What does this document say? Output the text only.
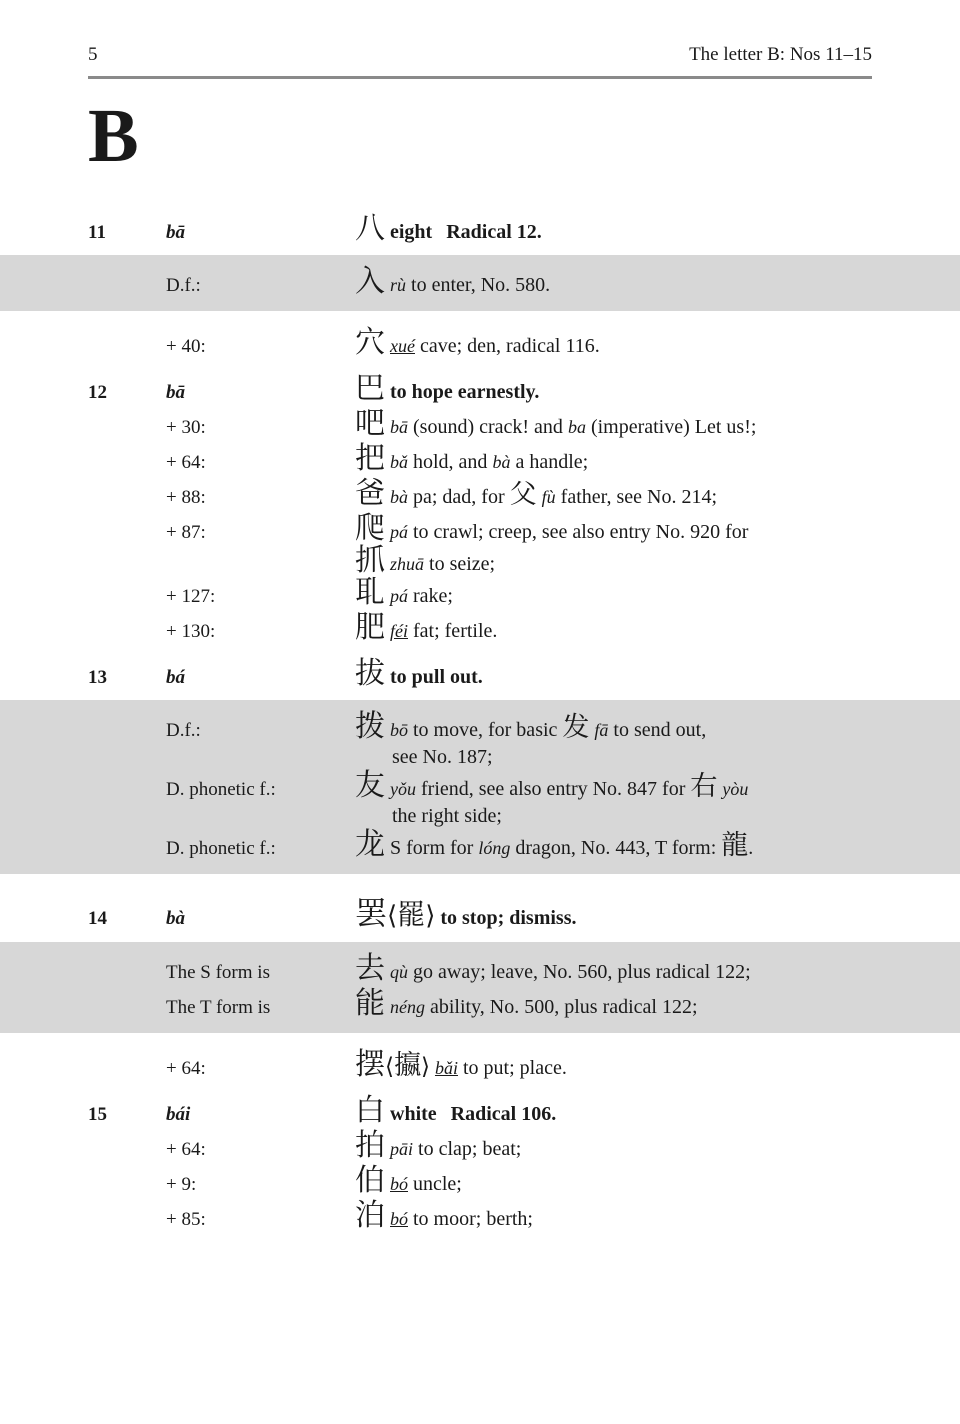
5	The letter B: Nos 11–15
B
11	bā	八 eight Radical 12.
D.f.:	入 rù to enter, No. 580.
+ 40:	穴 xué cave; den, radical 116.
12	bā	巴 to hope earnestly.
+ 30:	吧 bā (sound) crack! and ba (imperative) Let us!;
+ 64:	把 bǎ hold, and bà a handle;
+ 88:	爸 bà pa; dad, for 父 fù father, see No. 214;
+ 87:	爬 pá to crawl; creep, see also entry No. 920 for
抓 zhuā to seize;
+ 127:	耴 pá rake;
+ 130:	肥 féi fat; fertile.
13	bá	拔 to pull out.
D.f.:	拨 bō to move, for basic 发 fā to send out,
see No. 187;
D. phonetic f.:	友 yǒu friend, see also entry No. 847 for 右 yòu
the right side;
D. phonetic f.:	龙 S form for lóng dragon, No. 443, T form: 龍.
14	bà	罢⟨罷⟩ to stop; dismiss.
The S form is	去 qù go away; leave, No. 560, plus radical 122;
The T form is	能 néng ability, No. 500, plus radical 122;
+ 64:	摆⟨攍⟩ bǎi to put; place.
15	bái	白 white Radical 106.
+ 64:	拍 pāi to clap; beat;
+ 9:	伯 bó uncle;
+ 85:	泊 bó to moor; berth;
